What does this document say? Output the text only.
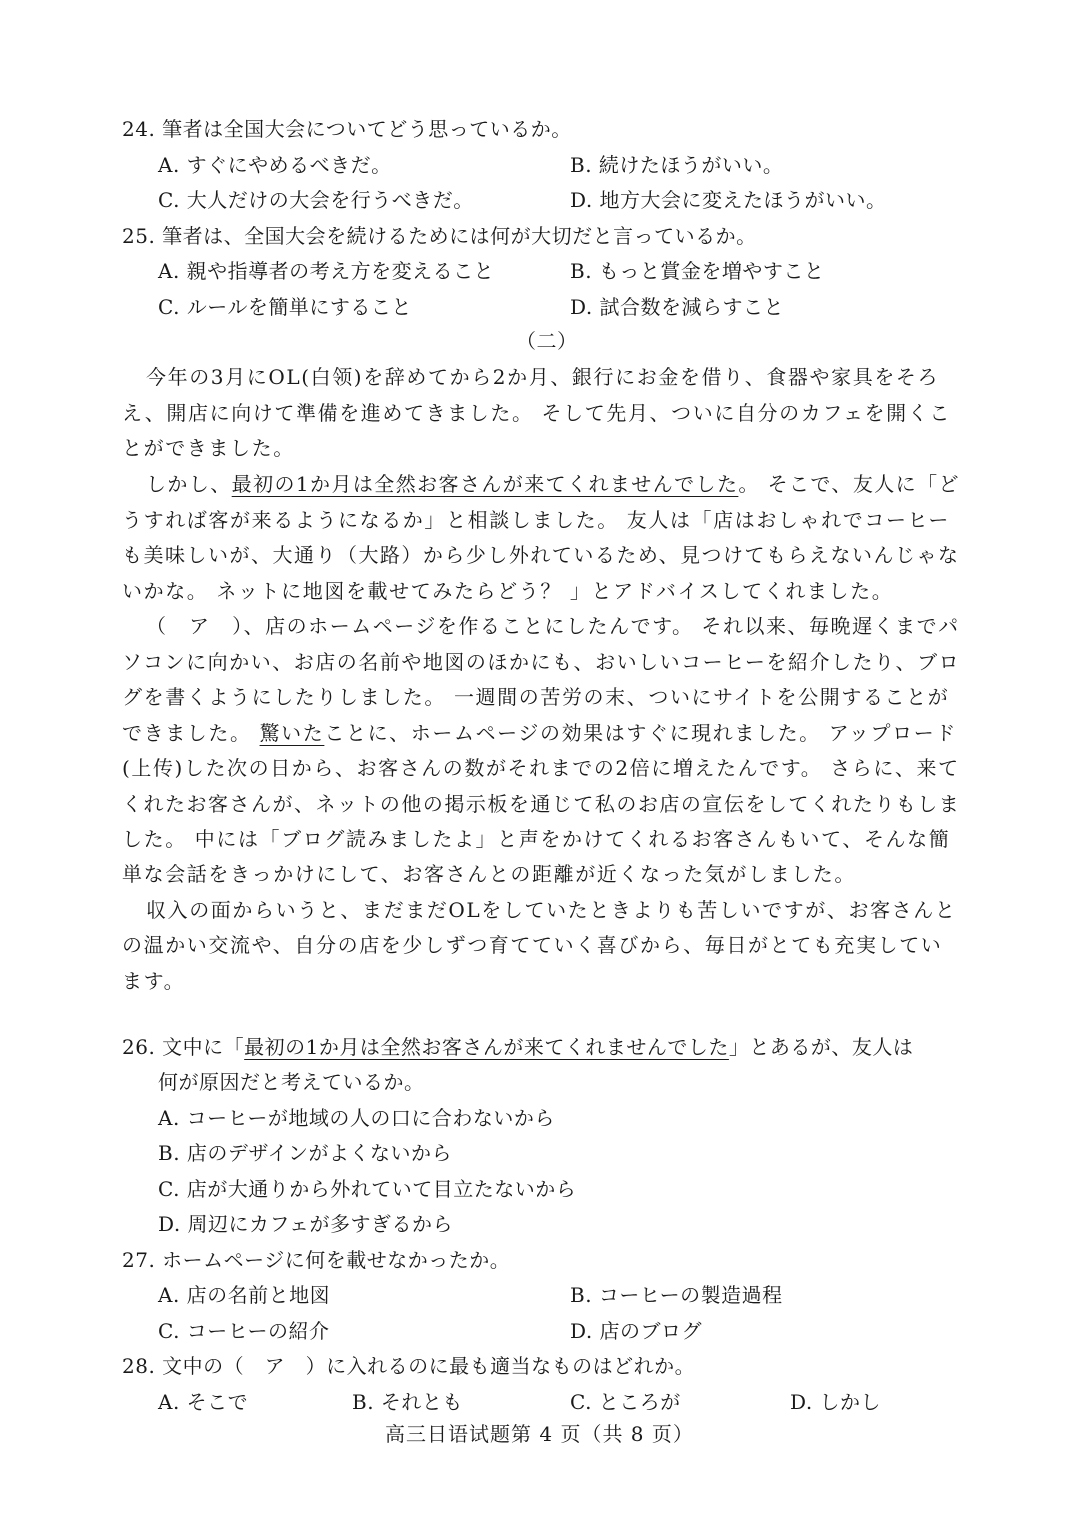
24. 筆者は全国大会についてどう思っているか。
A. すぐにやめるべきだ。	B. 続けたほうがいい。
C. 大人だけの大会を行うべきだ。	D. 地方大会に変えたほうがいい。
25. 筆者は、全国大会を続けるためには何が大切だと言っているか。
A. 親や指導者の考え方を変えること	B. もっと賞金を増やすこと
C. ルールを簡単にすること	D. 試合数を減らすこと
（二）
今年の3月にOL(白领)を辞めてから2か月、銀行にお金を借り、食器や家具をそろ
え、開店に向けて準備を進めてきました。 そして先月、ついに自分のカフェを開くこ
とができました。
しかし、最初の1か月は全然お客さんが来てくれませんでした。 そこで、友人に「ど
うすれば客が来るようになるか」と相談しました。 友人は「店はおしゃれでコーヒー
も美味しいが、大通り（大路）から少し外れているため、見つけてもらえないんじゃな
いかな。 ネットに地図を載せてみたらどう？ 」とアドバイスしてくれました。
（　ア　）、店のホームページを作ることにしたんです。 それ以来、毎晩遅くまでパ
ソコンに向かい、お店の名前や地図のほかにも、おいしいコーヒーを紹介したり、ブロ
グを書くようにしたりしました。 一週間の苦労の末、ついにサイトを公開することが
できました。 驚いたことに、ホームページの効果はすぐに現れました。 アップロード
(上传)した次の日から、お客さんの数がそれまでの2倍に増えたんです。 さらに、来て
くれたお客さんが、ネットの他の掲示板を通じて私のお店の宣伝をしてくれたりもしま
した。 中には「ブログ読みましたよ」と声をかけてくれるお客さんもいて、そんな簡
単な会話をきっかけにして、お客さんとの距離が近くなった気がしました。
収入の面からいうと、まだまだOLをしていたときよりも苦しいですが、お客さんと
の温かい交流や、自分の店を少しずつ育てていく喜びから、毎日がとても充実してい
ます。
26. 文中に「最初の1か月は全然お客さんが来てくれませんでした」とあるが、友人は
何が原因だと考えているか。
A. コーヒーが地域の人の口に合わないから
B. 店のデザインがよくないから
C. 店が大通りから外れていて目立たないから
D. 周辺にカフェが多すぎるから
27. ホームページに何を載せなかったか。
A. 店の名前と地図	B. コーヒーの製造過程
C. コーヒーの紹介	D. 店のブログ
28. 文中の（　ア　）に入れるのに最も適当なものはどれか。
A. そこで	B. それとも	C. ところが	D. しかし
高三日语试题第 4 页（共 8 页）
